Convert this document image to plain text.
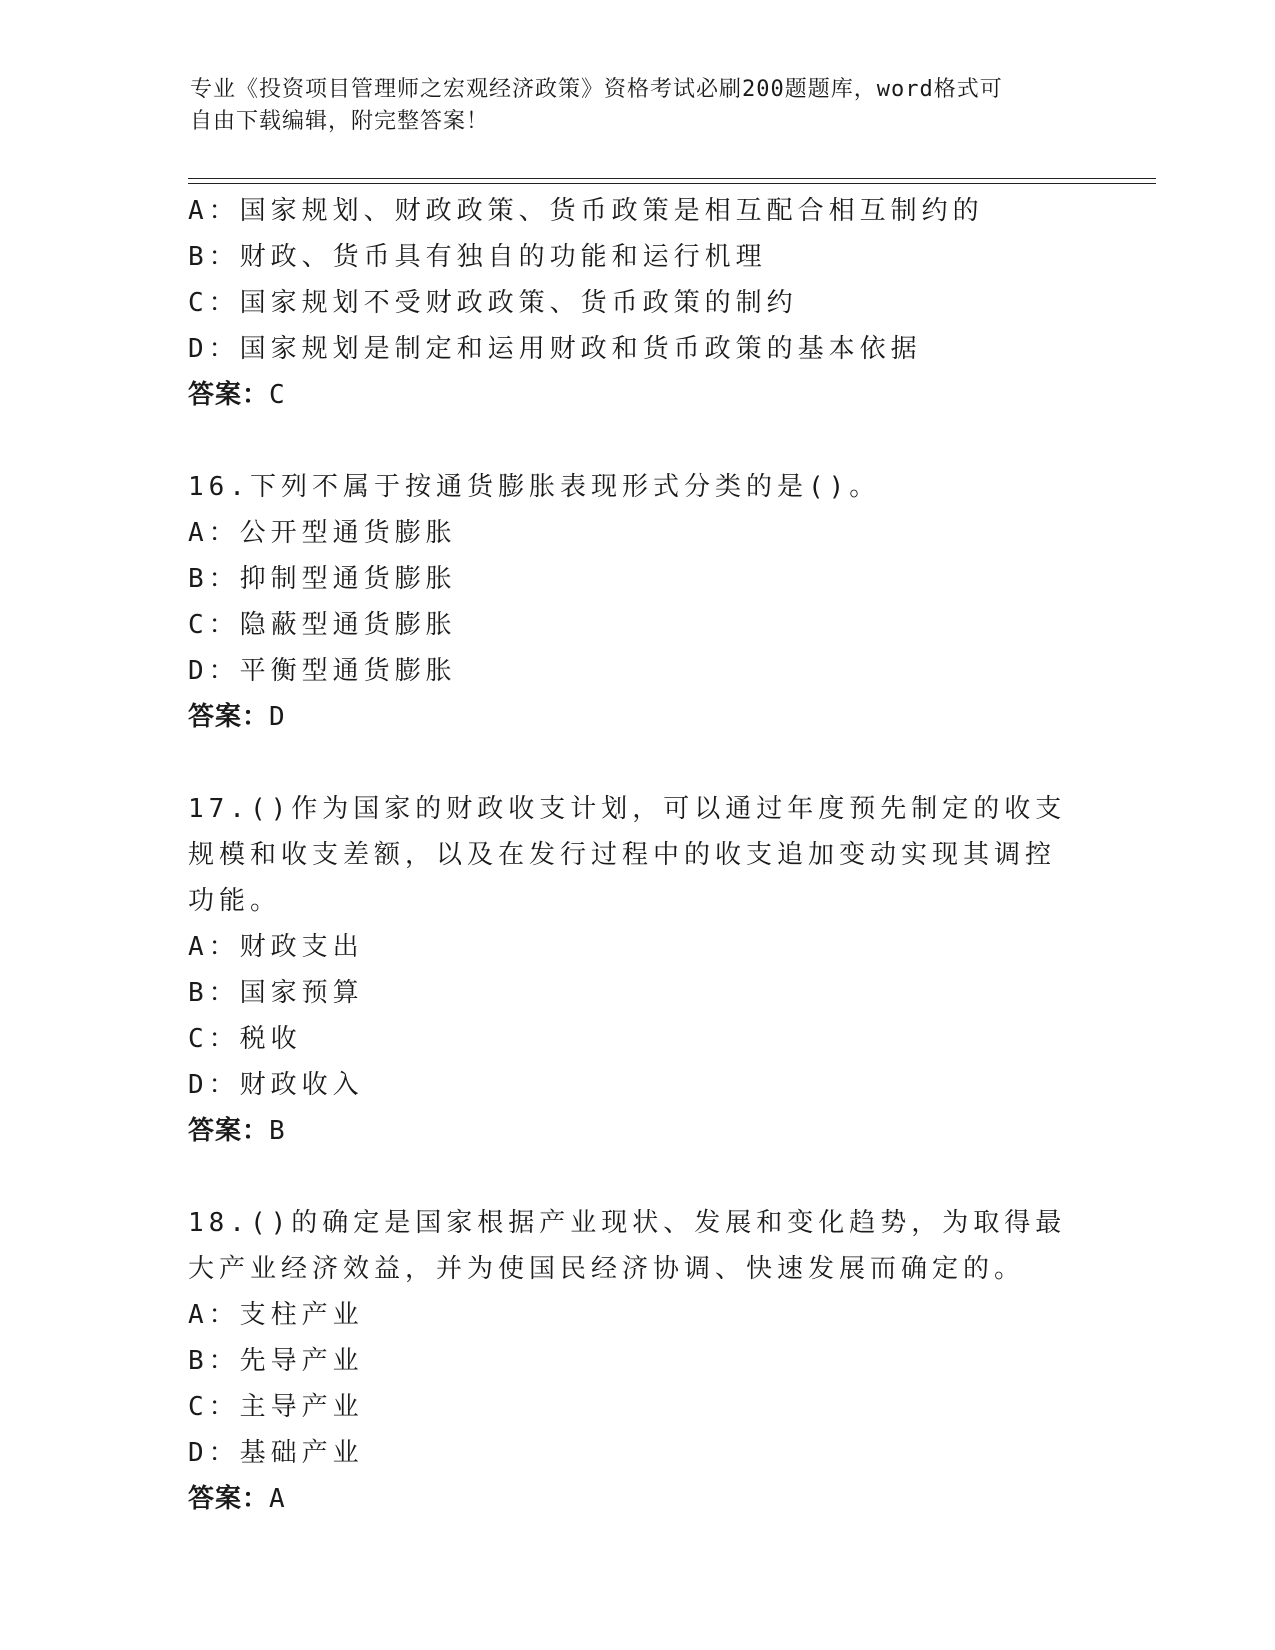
专业《投资项目管理师之宏观经济政策》资格考试必刷200题题库，word格式可
自由下载编辑，附完整答案！
A：国家规划、财政政策、货币政策是相互配合相互制约的
B：财政、货币具有独自的功能和运行机理
C：国家规划不受财政政策、货币政策的制约
D：国家规划是制定和运用财政和货币政策的基本依据
答案：C
16.下列不属于按通货膨胀表现形式分类的是()。
A：公开型通货膨胀
B：抑制型通货膨胀
C：隐蔽型通货膨胀
D：平衡型通货膨胀
答案：D
17.()作为国家的财政收支计划，可以通过年度预先制定的收支规模和收支差额，以及在发行过程中的收支追加变动实现其调控功能。
A：财政支出
B：国家预算
C：税收
D：财政收入
答案：B
18.()的确定是国家根据产业现状、发展和变化趋势，为取得最大产业经济效益，并为使国民经济协调、快速发展而确定的。
A：支柱产业
B：先导产业
C：主导产业
D：基础产业
答案：A
